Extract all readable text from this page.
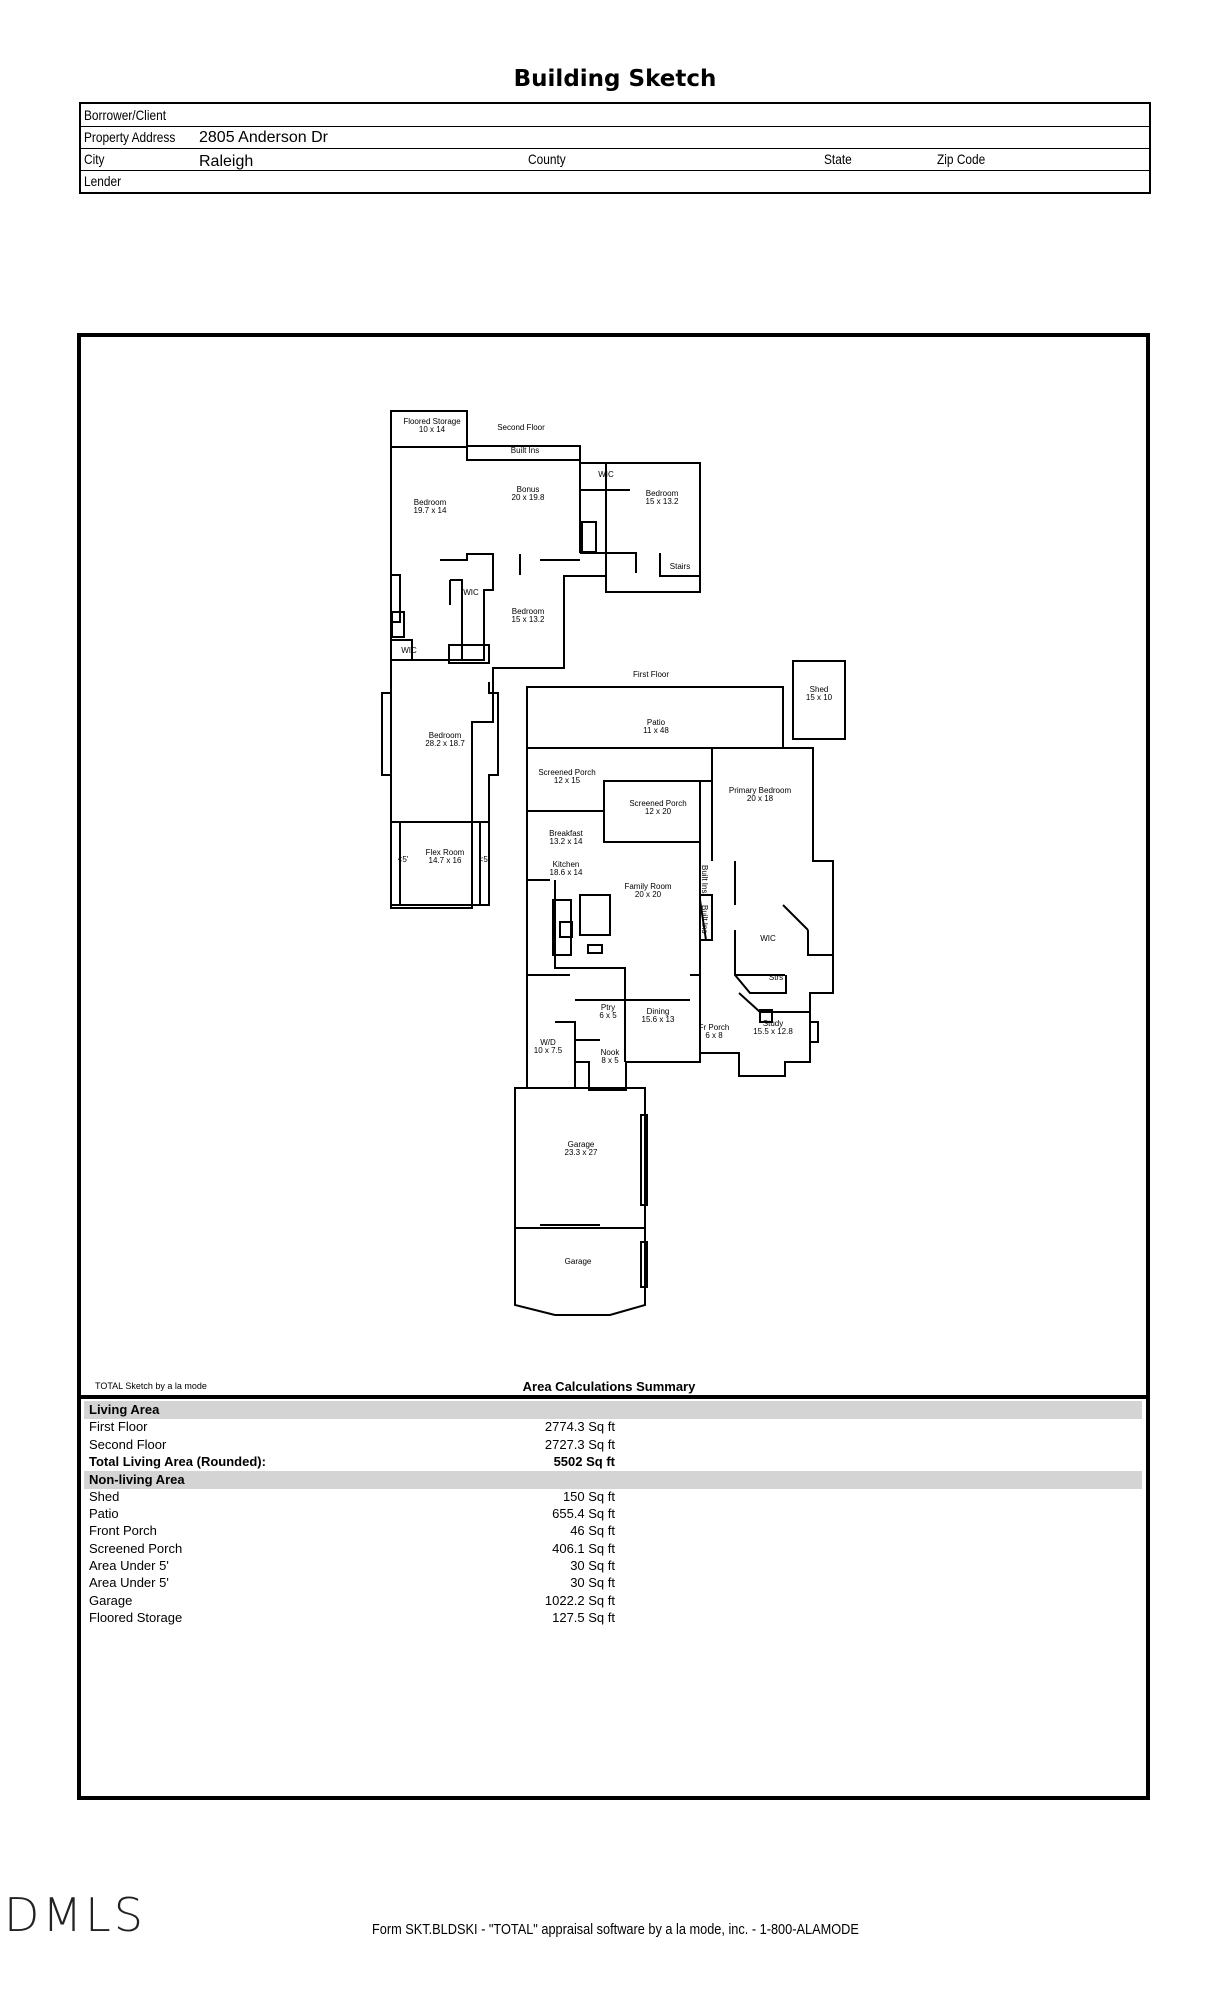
Building Sketch
Borrower/Client
Property Address 2805 Anderson Dr
City	Raleigh	County	State	Zip Code
Lender
Floored Storage
10 x 14	Second Floor
Built Ins
WIC
Bonus
20 x 19.8
Bedroom
19.7 x 14
Bedroom
15 x 13.2
Stairs
WIC
Bedroom
15 x 13.2
WIC
Bedroom
28.2 x 18.7
Flex Room
14.7 x 16
<5'	<5'
First Floor
Shed
15 x 10
Patio
11 x 48
Screened Porch
12 x 15
Screened Porch
12 x 20
Primary Bedroom
20 x 18
Breakfast
13.2 x 14
Kitchen
18.6 x 14
Family Room
20 x 20
WIC
Strs
Ptry
6 x 5	Dining
15.6 x 13
Fr Porch
6 x 8
Study
15.5 x 12.8
W/D
10 x 7.5	Nook
8 x 5
Garage
23.3 x 27
Garage
Built Ins
Built Ins
TOTAL Sketch by a la mode	Area Calculations Summary
Living Area
First Floor	2774.3 Sq ft
Second Floor	2727.3 Sq ft
Total Living Area (Rounded):	5502 Sq ft
Non-living Area
Shed	150 Sq ft
Patio	655.4 Sq ft
Front Porch	46 Sq ft
Screened Porch	406.1 Sq ft
Area Under 5'	30 Sq ft
Area Under 5'	30 Sq ft
Garage	1022.2 Sq ft
Floored Storage	127.5 Sq ft
DMLS	Form SKT.BLDSKI - "TOTAL" appraisal software by a la mode, inc. - 1-800-ALAMODE
